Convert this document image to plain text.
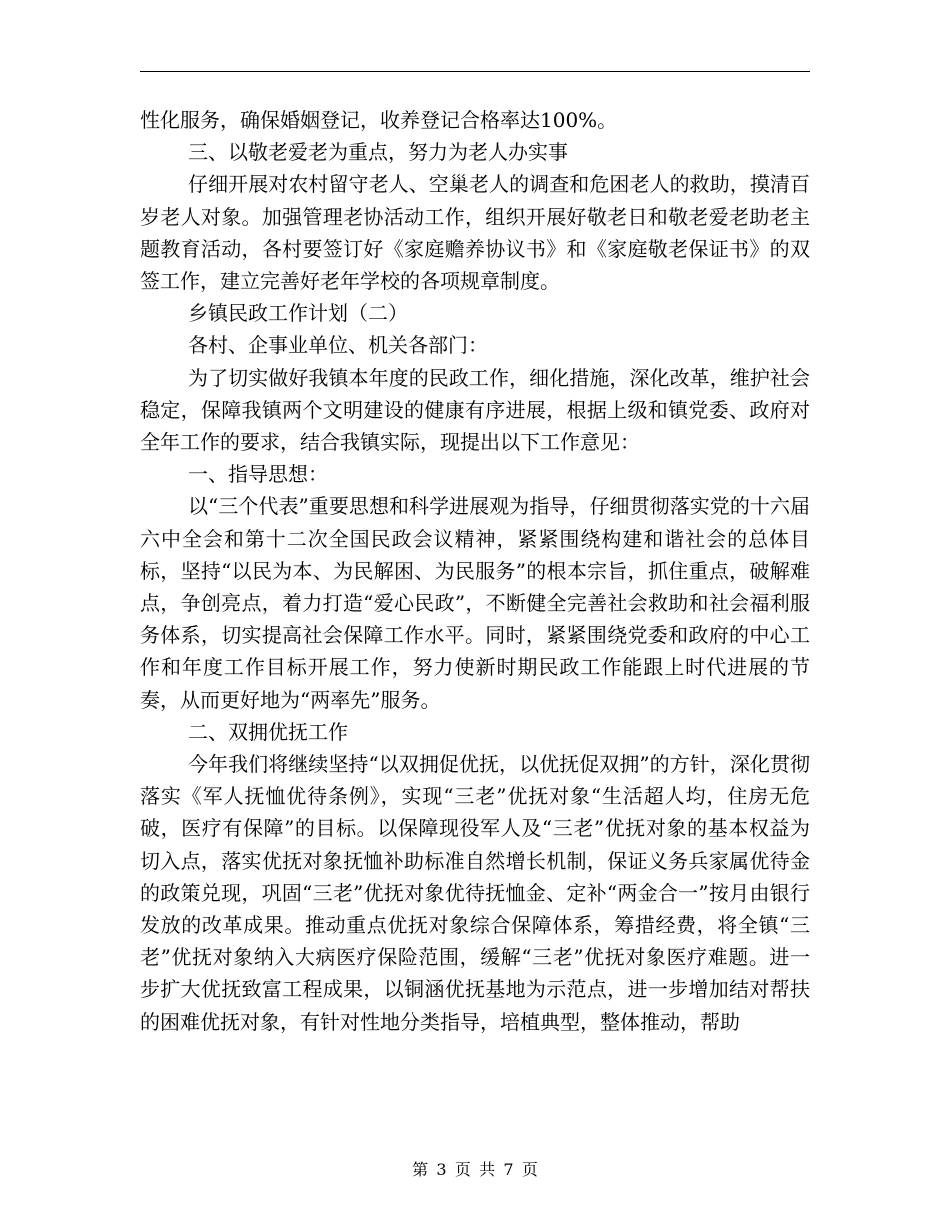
性化服务，确保婚姻登记，收养登记合格率达100%。

三、以敬老爱老为重点，努力为老人办实事

仔细开展对农村留守老人、空巢老人的调查和危困老人的救助，摸清百岁老人对象。加强管理老协活动工作，组织开展好敬老日和敬老爱老助老主题教育活动，各村要签订好《家庭赡养协议书》和《家庭敬老保证书》的双签工作，建立完善好老年学校的各项规章制度。

乡镇民政工作计划（二）

各村、企事业单位、机关各部门：

为了切实做好我镇本年度的民政工作，细化措施，深化改革，维护社会稳定，保障我镇两个文明建设的健康有序进展，根据上级和镇党委、政府对全年工作的要求，结合我镇实际，现提出以下工作意见：

一、指导思想：

以“三个代表”重要思想和科学进展观为指导，仔细贯彻落实党的十六届六中全会和第十二次全国民政会议精神，紧紧围绕构建和谐社会的总体目标，坚持“以民为本、为民解困、为民服务”的根本宗旨，抓住重点，破解难点，争创亮点，着力打造“爱心民政”，不断健全完善社会救助和社会福利服务体系，切实提高社会保障工作水平。同时，紧紧围绕党委和政府的中心工作和年度工作目标开展工作，努力使新时期民政工作能跟上时代进展的节奏，从而更好地为“两率先”服务。

二、双拥优抚工作

今年我们将继续坚持“以双拥促优抚，以优抚促双拥”的方针，深化贯彻落实《军人抚恤优待条例》，实现“三老”优抚对象“生活超人均，住房无危破，医疗有保障”的目标。以保障现役军人及“三老”优抚对象的基本权益为切入点，落实优抚对象抚恤补助标准自然增长机制，保证义务兵家属优待金的政策兑现，巩固“三老”优抚对象优待抚恤金、定补“两金合一”按月由银行发放的改革成果。推动重点优抚对象综合保障体系，筹措经费，将全镇“三老”优抚对象纳入大病医疗保险范围，缓解“三老”优抚对象医疗难题。进一步扩大优抚致富工程成果，以铜涵优抚基地为示范点，进一步增加结对帮扶的困难优抚对象，有针对性地分类指导，培植典型，整体推动，帮助

第 3 页 共 7 页
